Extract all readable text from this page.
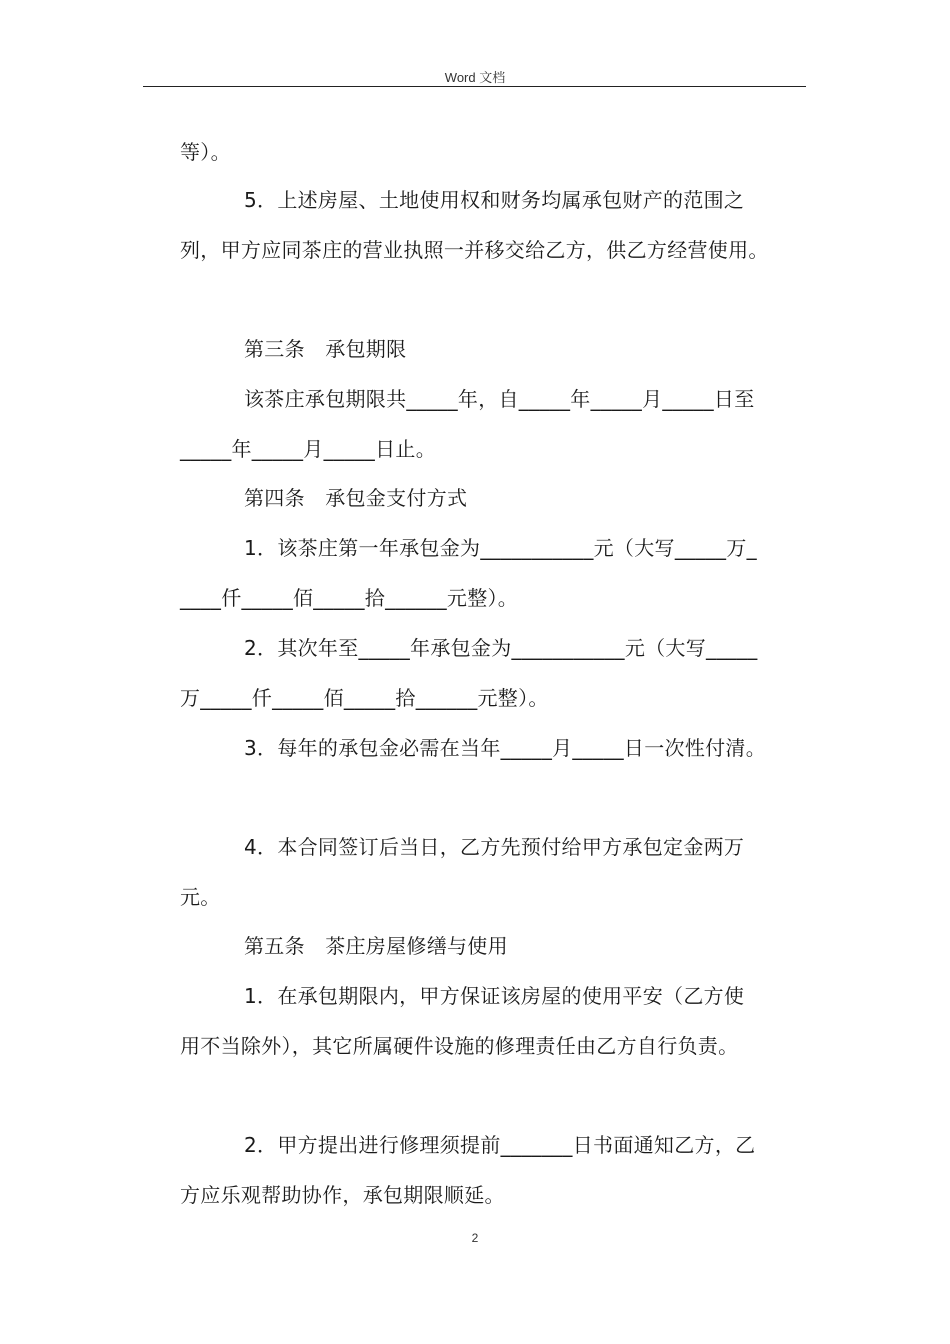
Word 文档
等）。
5．上述房屋、土地使用权和财务均属承包财产的范围之
列，甲方应同茶庄的营业执照一并移交给乙方，供乙方经营使用。
第三条　承包期限
该茶庄承包期限共_____年，自_____年_____月_____日至
_____年_____月_____日止。
第四条　承包金支付方式
1．该茶庄第一年承包金为___________元（大写_____万_
____仟_____佰_____拾______元整）。
2．其次年至_____年承包金为___________元（大写_____
万_____仟_____佰_____拾______元整）。
3．每年的承包金必需在当年_____月_____日一次性付清。
4．本合同签订后当日，乙方先预付给甲方承包定金两万
元。
第五条　茶庄房屋修缮与使用
1．在承包期限内，甲方保证该房屋的使用平安（乙方使
用不当除外），其它所属硬件设施的修理责任由乙方自行负责。
2．甲方提出进行修理须提前_______日书面通知乙方，乙
方应乐观帮助协作，承包期限顺延。
2
